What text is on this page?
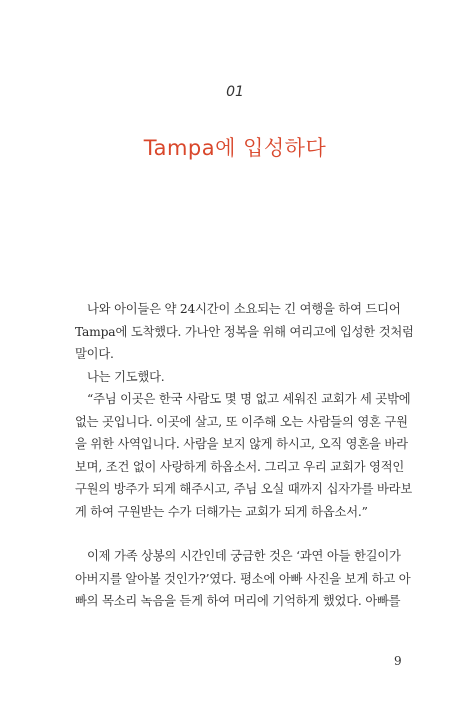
01
Tampa에 입성하다

나와 아이들은 약 24시간이 소요되는 긴 여행을 하여 드디어
Tampa에 도착했다. 가나안 정복을 위해 여리고에 입성한 것처럼
말이다.

나는 기도했다.

“주님 이곳은 한국 사람도 몇 명 없고 세워진 교회가 세 곳밖에
없는 곳입니다. 이곳에 살고, 또 이주해 오는 사람들의 영혼 구원
을 위한 사역입니다. 사람을 보지 않게 하시고, 오직 영혼을 바라
보며, 조건 없이 사랑하게 하옵소서. 그리고 우리 교회가 영적인
구원의 방주가 되게 해주시고, 주님 오실 때까지 십자가를 바라보
게 하여 구원받는 수가 더해가는 교회가 되게 하옵소서.”

이제 가족 상봉의 시간인데 궁금한 것은 ‘과연 아들 한길이가
아버지를 알아볼 것인가?’였다. 평소에 아빠 사진을 보게 하고 아
빠의 목소리 녹음을 듣게 하여 머리에 기억하게 했었다. 아빠를

9
